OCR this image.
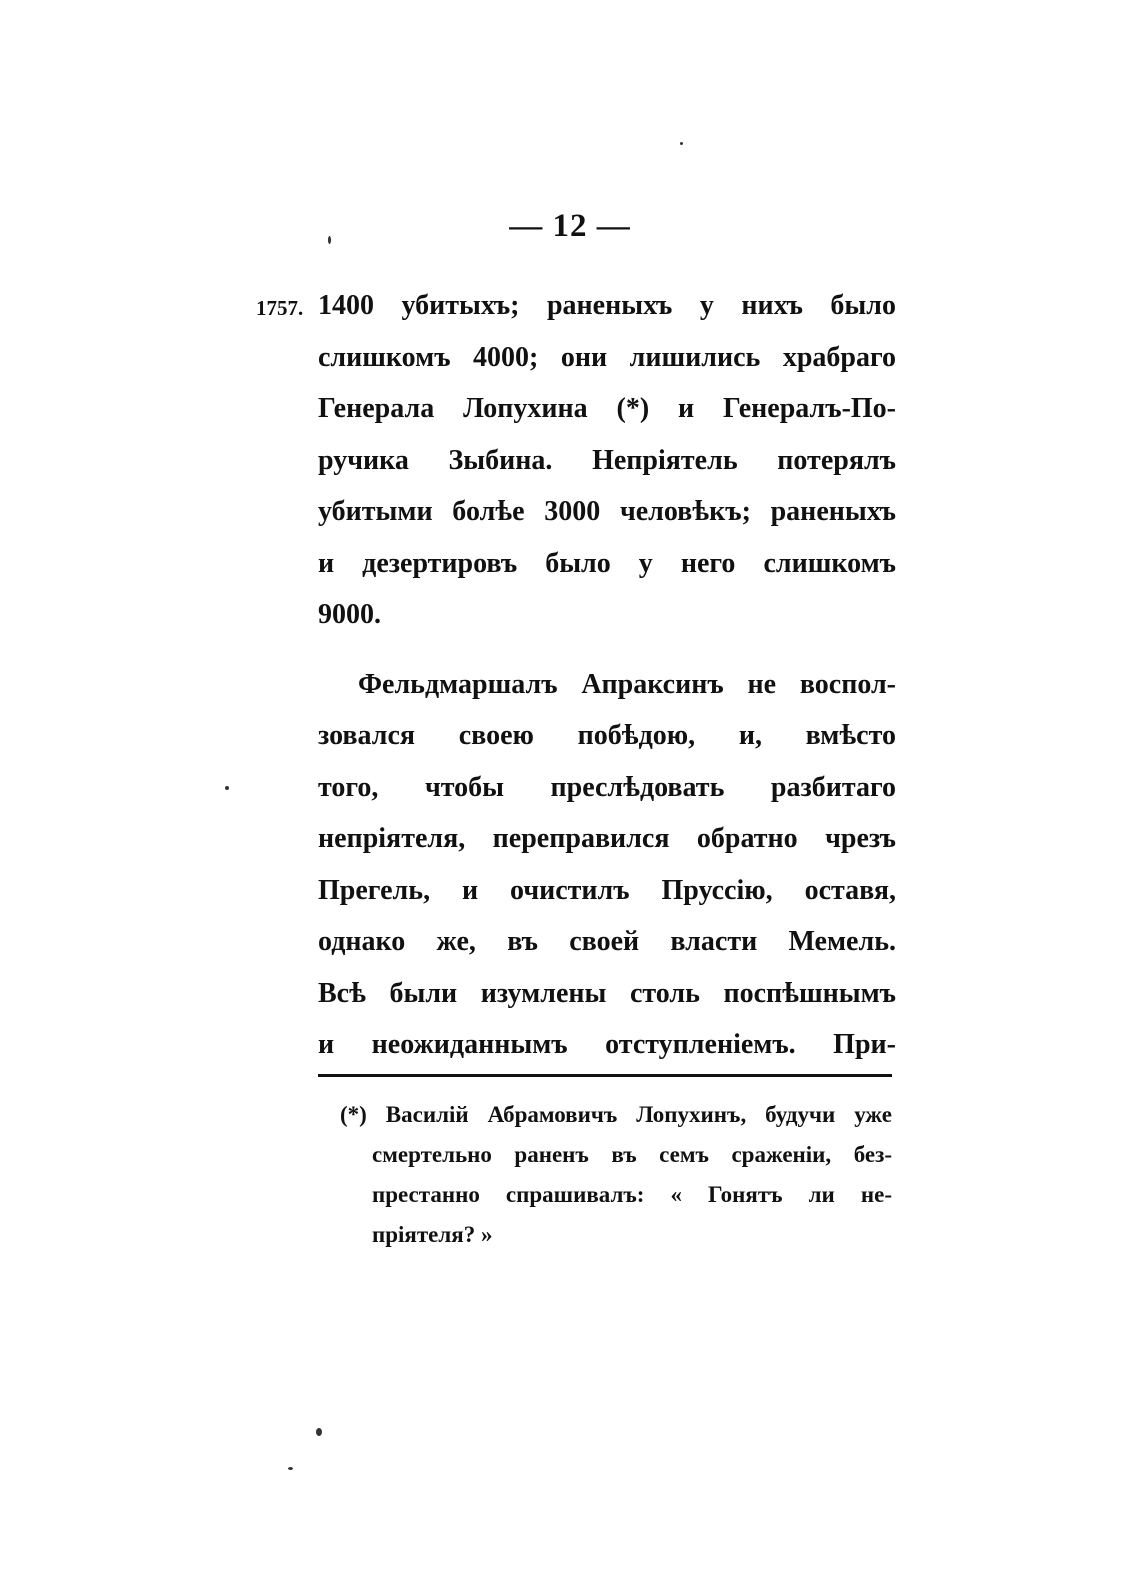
— 12 —
1757. 1400 убитыхъ; раненыхъ у нихъ было
слишкомъ 4000; они лишились храбраго
Генерала Лопухина (*) и Генералъ-По-
ручика Зыбина. Непріятель потерялъ
убитыми болѣе 3000 человѣкъ; раненыхъ
и дезертировъ было у него слишкомъ
9000.
Фельдмаршалъ Апраксинъ не воспол-
зовался своею побѣдою, и, вмѣсто
того, чтобы преслѣдовать разбитаго
непріятеля, переправился обратно чрезъ
Прегель, и очистилъ Пруссію, оставя,
однако же, въ своей власти Мемель.
Всѣ были изумлены столь поспѣшнымъ
и неожиданнымъ отступленіемъ. При-
(*) Василій Абрамовичъ Лопухинъ, будучи уже
смертельно раненъ въ семъ сраженіи, без-
престанно спрашивалъ: « Гонятъ ли не-
пріятеля? »
